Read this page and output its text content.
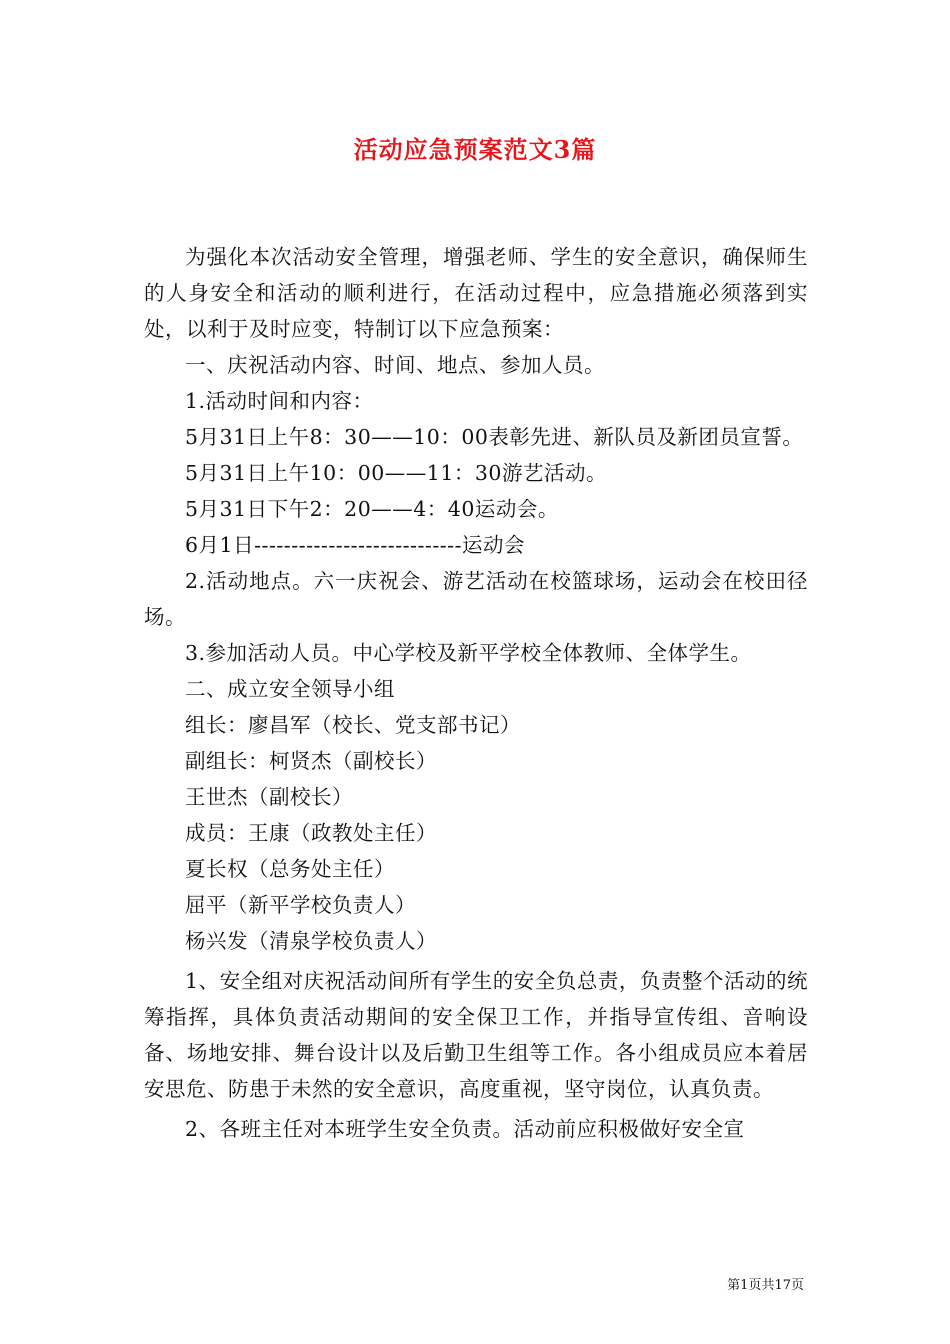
活动应急预案范文3篇

为强化本次活动安全管理，增强老师、学生的安全意识，确保师生的人身安全和活动的顺利进行，在活动过程中，应急措施必须落到实处，以利于及时应变，特制订以下应急预案：

一、庆祝活动内容、时间、地点、参加人员。

1.活动时间和内容：

5月31日上午8：30——10：00表彰先进、新队员及新团员宣誓。

5月31日上午10：00——11：30游艺活动。

5月31日下午2：20——4：40运动会。

6月1日----------------------------运动会

2.活动地点。六一庆祝会、游艺活动在校篮球场，运动会在校田径场。

3.参加活动人员。中心学校及新平学校全体教师、全体学生。

二、成立安全领导小组

组长：廖昌军（校长、党支部书记）

副组长：柯贤杰（副校长）

王世杰（副校长）

成员：王康（政教处主任）

夏长权（总务处主任）

屈平（新平学校负责人）

杨兴发（清泉学校负责人）

1、安全组对庆祝活动间所有学生的安全负总责，负责整个活动的统筹指挥，具体负责活动期间的安全保卫工作，并指导宣传组、音响设备、场地安排、舞台设计以及后勤卫生组等工作。各小组成员应本着居安思危、防患于未然的安全意识，高度重视，坚守岗位，认真负责。

2、各班主任对本班学生安全负责。活动前应积极做好安全宣

第1页共17页
